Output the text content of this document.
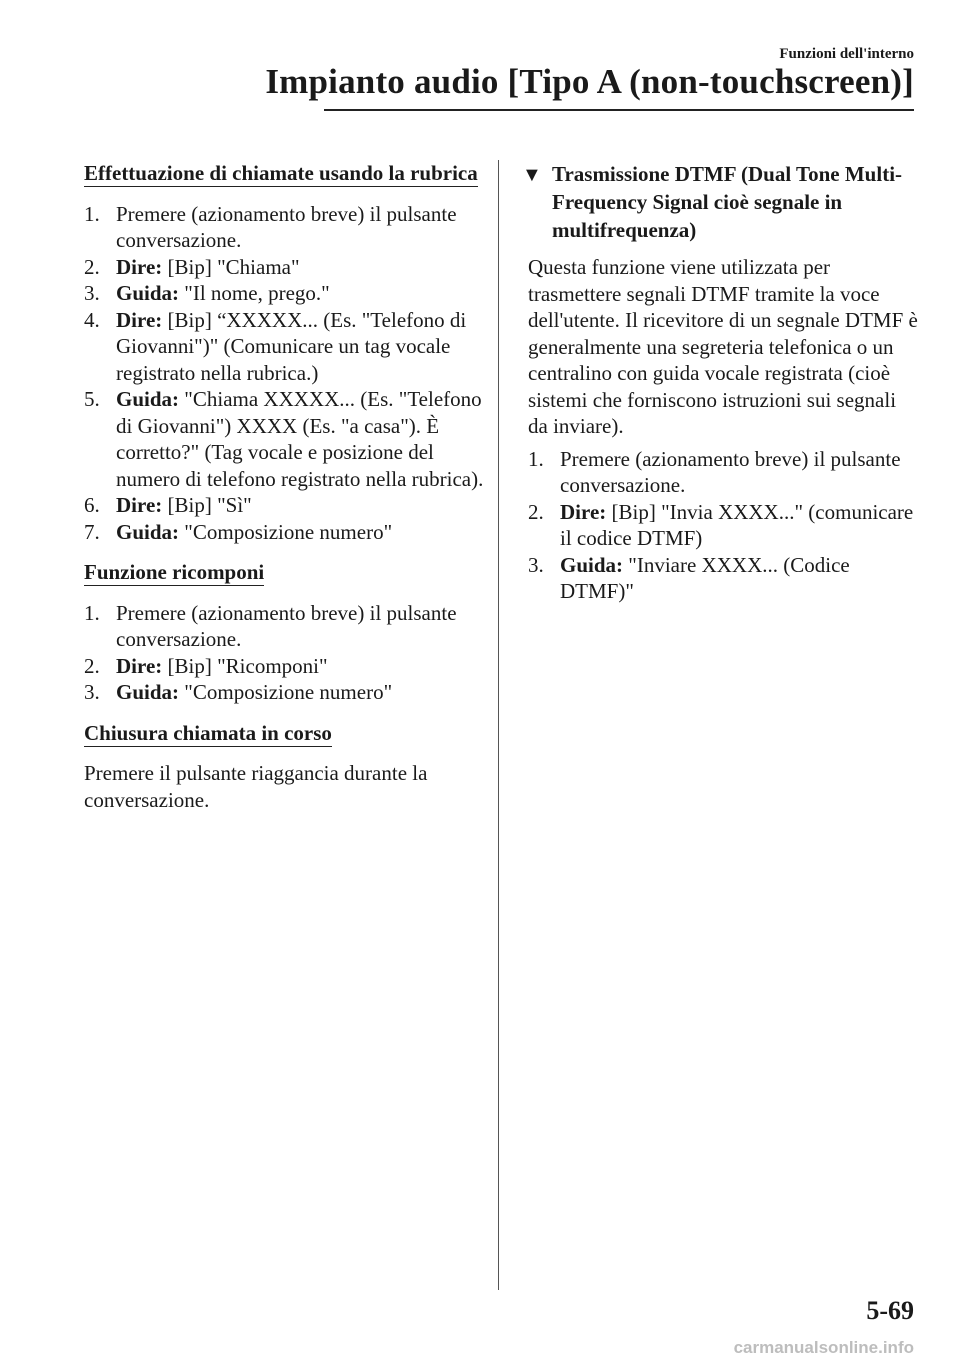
Funzioni dell'interno
Impianto audio [Tipo A (non-touchscreen)]
Effettuazione di chiamate usando la rubrica
1. Premere (azionamento breve) il pulsante conversazione.
2. Dire: [Bip] "Chiama"
3. Guida: "Il nome, prego."
4. Dire: [Bip] “XXXXX... (Es. "Telefono di Giovanni")" (Comunicare un tag vocale registrato nella rubrica.)
5. Guida: "Chiama XXXXX... (Es. "Telefono di Giovanni") XXXX (Es. "a casa"). È corretto?" (Tag vocale e posizione del numero di telefono registrato nella rubrica).
6. Dire: [Bip] "Sì"
7. Guida: "Composizione numero"
Funzione ricomponi
1. Premere (azionamento breve) il pulsante conversazione.
2. Dire: [Bip] "Ricomponi"
3. Guida: "Composizione numero"
Chiusura chiamata in corso

Premere il pulsante riaggancia durante la conversazione.

▼ Trasmissione DTMF (Dual Tone Multi-Frequency Signal cioè segnale in multifrequenza)

Questa funzione viene utilizzata per trasmettere segnali DTMF tramite la voce dell'utente. Il ricevitore di un segnale DTMF è generalmente una segreteria telefonica o un centralino con guida vocale registrata (cioè sistemi che forniscono istruzioni sui segnali da inviare).

1. Premere (azionamento breve) il pulsante conversazione.
2. Dire: [Bip] "Invia XXXX..." (comunicare il codice DTMF)
3. Guida: "Inviare XXXX... (Codice DTMF)"
5-69
carmanualsonline.info
